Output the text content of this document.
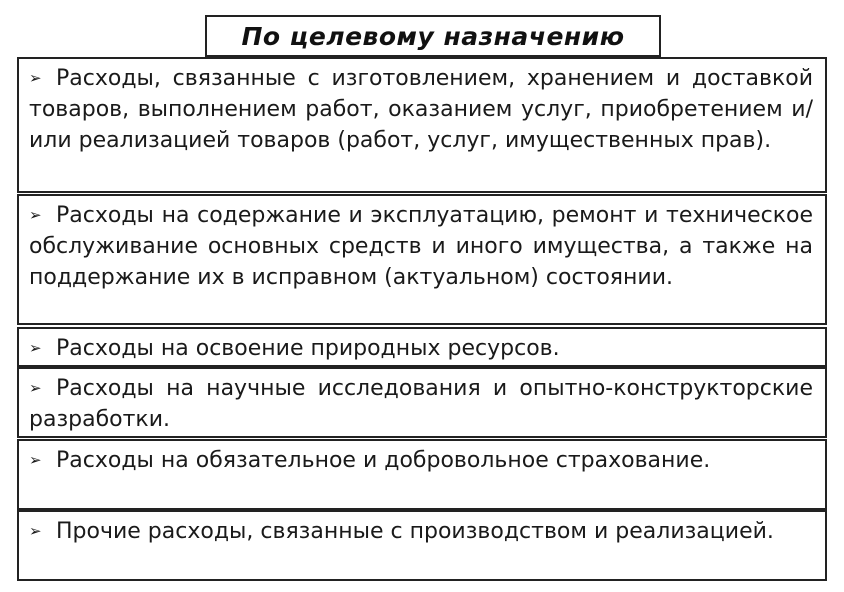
По целевому назначению
➢ Расходы, связанные с изготовлением, хранением и доставкой товаров, выполнением работ, оказанием услуг, приобретением и/или реализацией товаров (работ, услуг, имущественных прав).
➢ Расходы на содержание и эксплуатацию, ремонт и техническое обслуживание основных средств и иного имущества, а также на поддержание их в исправном (актуальном) состоянии.
➢ Расходы на освоение природных ресурсов.
➢ Расходы на научные исследования и опытно-конструкторские разработки.
➢ Расходы на обязательное и добровольное страхование.
➢ Прочие расходы, связанные с производством и реализацией.
